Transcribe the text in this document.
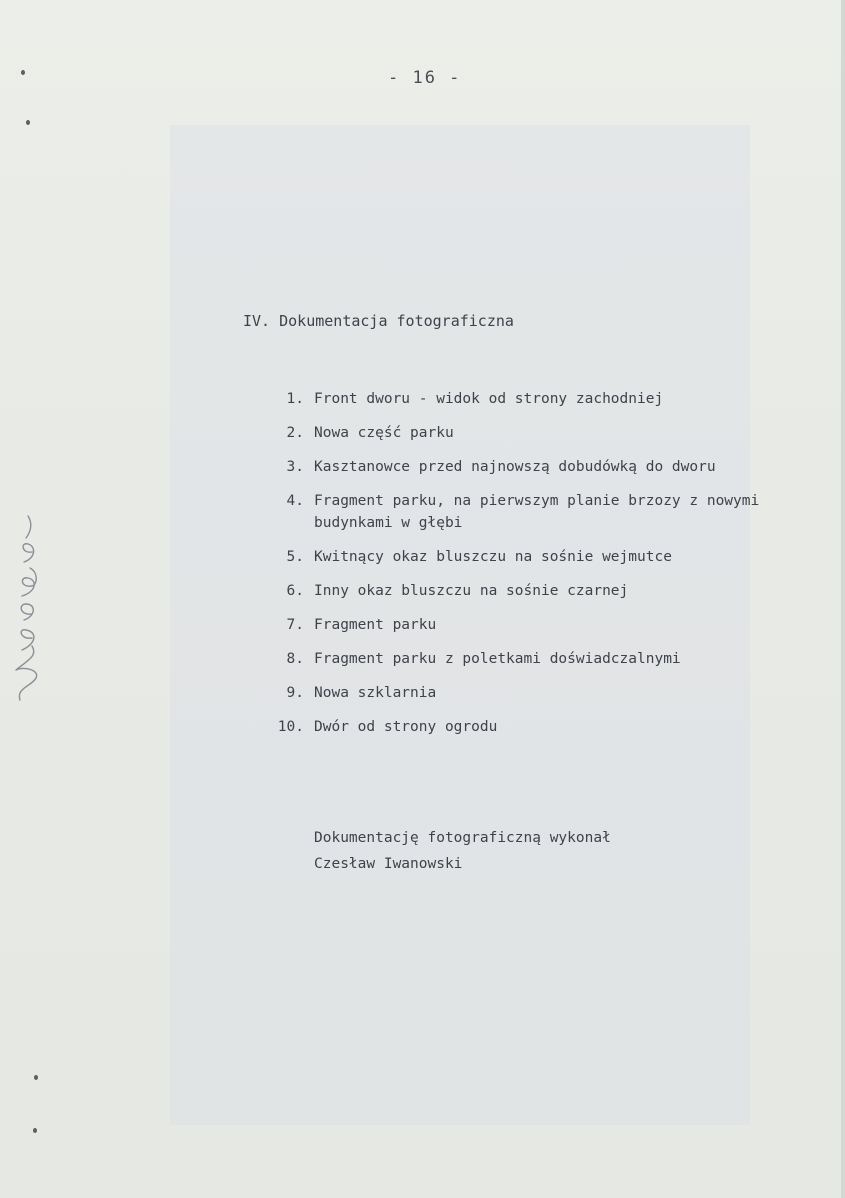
- 16 -
IV. Dokumentacja fotograficzna
1. Front dworu - widok od strony zachodniej
2. Nowa część parku
3. Kasztanowce przed najnowszą dobudówką do dworu
4. Fragment parku, na pierwszym planie brzozy z nowymi budynkami w głębi
5. Kwitnący okaz bluszczu na sośnie wejmutce
6. Inny okaz bluszczu na sośnie czarnej
7. Fragment parku
8. Fragment parku z poletkami doświadczalnymi
9. Nowa szklarnia
10. Dwór od strony ogrodu
Dokumentację fotograficzną wykonał
Czesław Iwanowski
